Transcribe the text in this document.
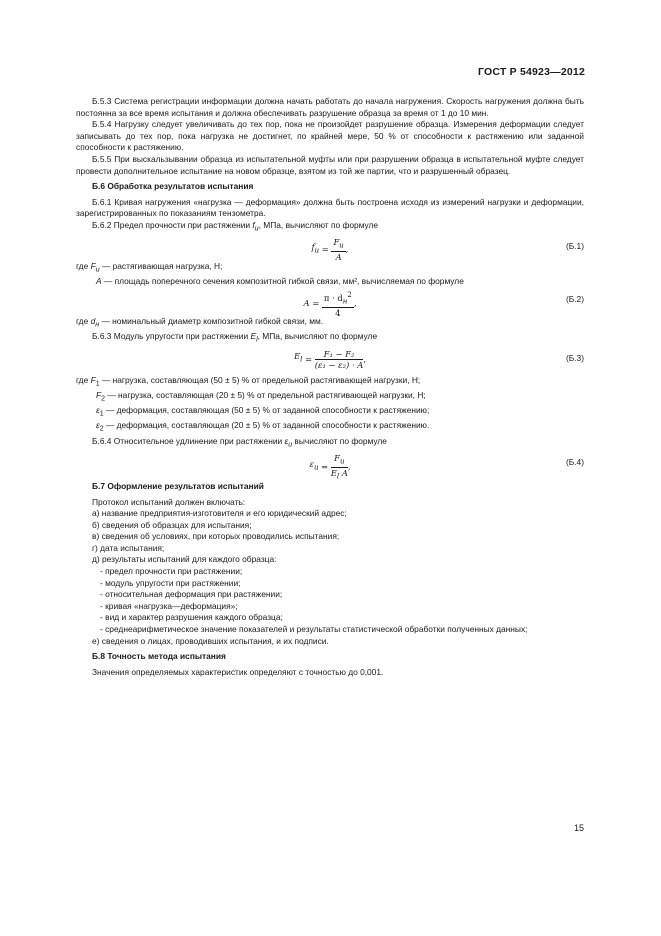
ГОСТ Р 54923—2012

Б.5.3 Система регистрации информации должна начать работать до начала нагружения. Скорость нагружения должна быть постоянна за все время испытания и должна обеспечивать разрушение образца за время от 1 до 10 мин.

Б.5.4 Нагрузку следует увеличивать до тех пор, пока не произойдет разрушение образца. Измерения деформации следует записывать до тех пор, пока нагрузка не достигнет, по крайней мере, 50 % от способности к растяжению или заданной способности к растяжению.

Б.5.5 При выскальзывании образца из испытательной муфты или при разрушении образца в испытательной муфте следует провести дополнительное испытание на новом образце, взятом из той же партии, что и разрушенный образец.

Б.6 Обработка результатов испытания

Б.6.1 Кривая нагружения «нагрузка — деформация» должна быть построена исходя из измерений нагрузки и деформации, зарегистрированных по показаниям тензометра.

Б.6.2 Предел прочности при растяжении $f_u$, МПа, вычисляют по формуле

$f_u = \frac{F_u}{A}$ ,	(Б.1)

где $F_u$ — растягивающая нагрузка, Н;

A — площадь поперечного сечения композитной гибкой связи, мм², вычисляемая по формуле

$A = \frac{\pi \cdot d_н^2}{4}$ ,	(Б.2)

где $d_н$ — номинальный диаметр композитной гибкой связи, мм.

Б.6.3 Модуль упругости при растяжении $E_l$, МПа, вычисляют по формуле

$E_l = \frac{\text{F₁ − F₂}}{\text{(ε₁ − ε₂) · A}}$ ,	(Б.3)

где $F_1$ — нагрузка, составляющая (50 ± 5) % от предельной растягивающей нагрузки, Н;

$F_2$ — нагрузка, составляющая (20 ± 5) % от предельной растягивающей нагрузки, Н;

$\varepsilon_1$ — деформация, составляющая (50 ± 5) % от заданной способности к растяжению;

$\varepsilon_2$ — деформация, составляющая (20 ± 5) % от заданной способности к растяжению.

Б.6.4 Относительное удлинение при растяжении $\varepsilon_u$ вычисляют по формуле

$\varepsilon_u = \frac{F_u}{E_l A}$ ,	(Б.4)
Б.7 Оформление результатов испытаний

Протокол испытаний должен включать:

а) название предприятия-изготовителя и его юридический адрес;

б) сведения об образцах для испытания;

в) сведения об условиях, при которых проводились испытания;

г) дата испытания;

д) результаты испытаний для каждого образца:

- предел прочности при растяжении;

- модуль упругости при растяжении;

- относительная деформация при растяжении;

- кривая «нагрузка—деформация»;

- вид и характер разрушения каждого образца;

- среднеарифметическое значение показателей и результаты статистической обработки полученных данных;

е) сведения о лицах, проводивших испытания, и их подписи.

Б.8 Точность метода испытания

Значения определяемых характеристик определяют с точностью до 0,001.

15
